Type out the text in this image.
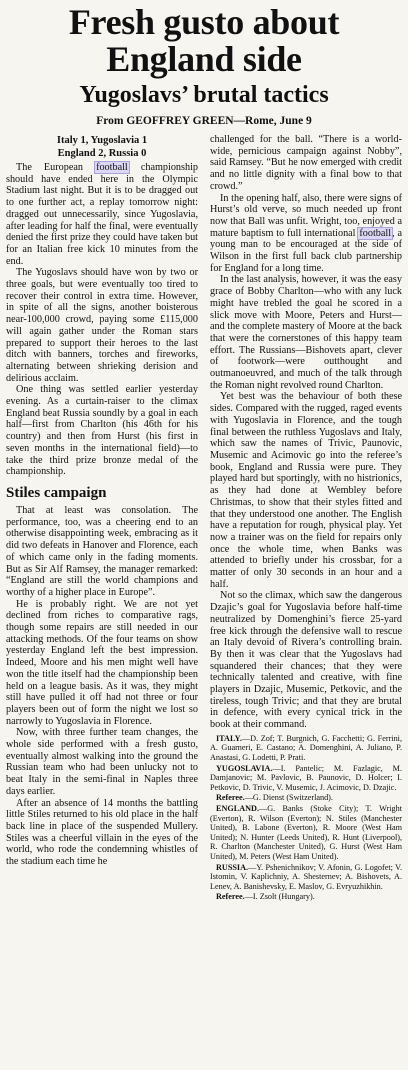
Fresh gusto about England side
Yugoslavs’ brutal tactics
From GEOFFREY GREEN—Rome, June 9

Italy 1, Yugoslavia 1

England 2, Russia 0

The European football championship should have ended here in the Olympic Stadium last night. But it is to be dragged out to one further act, a replay tomorrow night: dragged out unnecessarily, since Yugoslavia, after leading for half the final, were eventually denied the first prize they could have taken but for an Italian free kick 10 minutes from the end.

The Yugoslavs should have won by two or three goals, but were eventually too tired to recover their control in extra time. However, in spite of all the signs, another boisterous near-100,000 crowd, paying some £115,000 will again gather under the Roman stars prepared to support their heroes to the last ditch with banners, torches and fireworks, alternating between shrieking derision and delirious acclaim.

One thing was settled earlier yesterday evening. As a curtain-raiser to the climax England beat Russia soundly by a goal in each half—first from Charlton (his 46th for his country) and then from Hurst (his first in seven months in the international field)—to take the third prize bronze medal of the championship.

Stiles campaign

That at least was consolation. The performance, too, was a cheering end to an otherwise disappointing week, embracing as it did two defeats in Hanover and Florence, each of which came only in the fading moments. But as Sir Alf Ramsey, the manager remarked: “England are still the world champions and worthy of a higher place in Europe”.

He is probably right. We are not yet declined from riches to comparative rags, though some repairs are still needed in our attacking methods. Of the four teams on show yesterday England left the best impression. Indeed, Moore and his men might well have won the title itself had the championship been held on a league basis. As it was, they might still have pulled it off had not three or four players been out of form the night we lost so narrowly to Yugoslavia in Florence.

Now, with three further team changes, the whole side performed with a fresh gusto, eventually almost walking into the ground the Russian team who had been unlucky not to beat Italy in the semi-final in Naples three days earlier.

After an absence of 14 months the battling little Stiles returned to his old place in the half back line in place of the suspended Mullery. Stiles was a cheerful villain in the eyes of the world, who rode the condemning whistles of the stadium each time he

challenged for the ball. “There is a world-wide, pernicious campaign against Nobby”, said Ramsey. “But he now emerged with credit and no little dignity with a final bow to that crowd.”

In the opening half, also, there were signs of Hurst’s old verve, so much needed up front now that Ball was unfit. Wright, too, enjoyed a mature baptism to full international football, a young man to be encouraged at the side of Wilson in the first full back club partnership for England for a long time.

In the last analysis, however, it was the easy grace of Bobby Charlton—who with any luck might have trebled the goal he scored in a slick move with Moore, Peters and Hurst—and the complete mastery of Moore at the back that were the cornerstones of this happy team effort. The Russians—Bishovets apart, clever of footwork—were outthought and outmanoeuvred, and much of the talk through the Roman night revolved round Charlton.

Yet best was the behaviour of both these sides. Compared with the rugged, raged events with Yugoslavia in Florence, and the tough final between the ruthless Yugoslavs and Italy, which saw the names of Trivic, Paunovic, Musemic and Acimovic go into the referee’s book, England and Russia were pure. They played hard but sportingly, with no histrionics, as they had done at Wembley before Christmas, to show that their styles fitted and that they understood one another. The English have a reputation for rough, physical play. Yet now a trainer was on the field for repairs only once the whole time, when Banks was attended to briefly under his crossbar, for a matter of only 30 seconds in an hour and a half.

Not so the climax, which saw the dangerous Dzajic’s goal for Yugoslavia before half-time neutralized by Domenghini’s fierce 25-yard free kick through the defensive wall to rescue an Italy devoid of Rivera’s controlling brain. By then it was clear that the Yugoslavs had squandered their chances; that they were technically talented and creative, with fine players in Dzajic, Musemic, Petkovic, and the tireless, tough Trivic; and that they are brutal in defence, with every cynical trick in the book at their command.

ITALY.—D. Zof; T. Burgnich, G. Facchetti; G. Ferrini, A. Guarneri, E. Castano; A. Domenghini, A. Juliano, P. Anastasi, G. Lodetti, P. Prati.

YUGOSLAVIA.—I. Pantelic; M. Fazlagic, M. Damjanovic; M. Pavlovic, B. Paunovic, D. Holcer; I. Petkovic, D. Trivic, V. Musemic, J. Acimovic, D. Dzajic.

Referee.—G. Dienst (Switzerland).

ENGLAND.—G. Banks (Stoke City); T. Wright (Everton), R. Wilson (Everton); N. Stiles (Manchester United), B. Labone (Everton), R. Moore (West Ham United); N. Hunter (Leeds United), R. Hunt (Liverpool), R. Charlton (Manchester United), G. Hurst (West Ham United), M. Peters (West Ham United).

RUSSIA.—Y. Pshenichnikov; V. Afonin, G. Logofet; V. Istomin, V. Kaplichniy, A. Shesternev; A. Bishovets, A. Lenev, A. Banishevsky, E. Maslov, G. Evryuzhikhin.

Referee.—I. Zsolt (Hungary).
